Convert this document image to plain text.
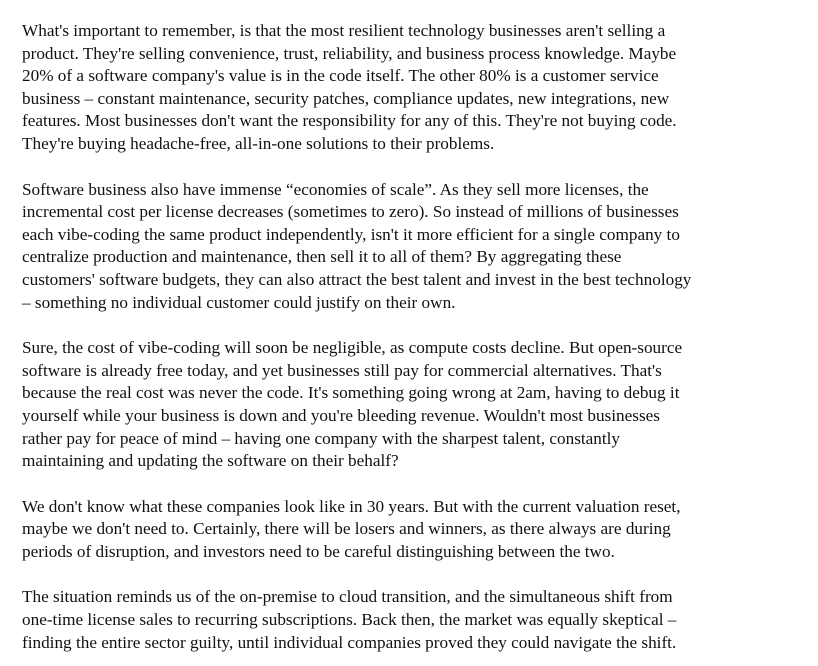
What's important to remember, is that the most resilient technology businesses aren't selling a
product. They're selling convenience, trust, reliability, and business process knowledge. Maybe
20% of a software company's value is in the code itself. The other 80% is a customer service
business – constant maintenance, security patches, compliance updates, new integrations, new
features. Most businesses don't want the responsibility for any of this. They're not buying code.
They're buying headache-free, all-in-one solutions to their problems.

Software business also have immense “economies of scale”. As they sell more licenses, the
incremental cost per license decreases (sometimes to zero). So instead of millions of businesses
each vibe-coding the same product independently, isn't it more efficient for a single company to
centralize production and maintenance, then sell it to all of them? By aggregating these
customers' software budgets, they can also attract the best talent and invest in the best technology
– something no individual customer could justify on their own.

Sure, the cost of vibe-coding will soon be negligible, as compute costs decline. But open-source
software is already free today, and yet businesses still pay for commercial alternatives. That's
because the real cost was never the code. It's something going wrong at 2am, having to debug it
yourself while your business is down and you're bleeding revenue. Wouldn't most businesses
rather pay for peace of mind – having one company with the sharpest talent, constantly
maintaining and updating the software on their behalf?

We don't know what these companies look like in 30 years. But with the current valuation reset,
maybe we don't need to. Certainly, there will be losers and winners, as there always are during
periods of disruption, and investors need to be careful distinguishing between the two.

The situation reminds us of the on-premise to cloud transition, and the simultaneous shift from
one-time license sales to recurring subscriptions. Back then, the market was equally skeptical –
finding the entire sector guilty, until individual companies proved they could navigate the shift.
